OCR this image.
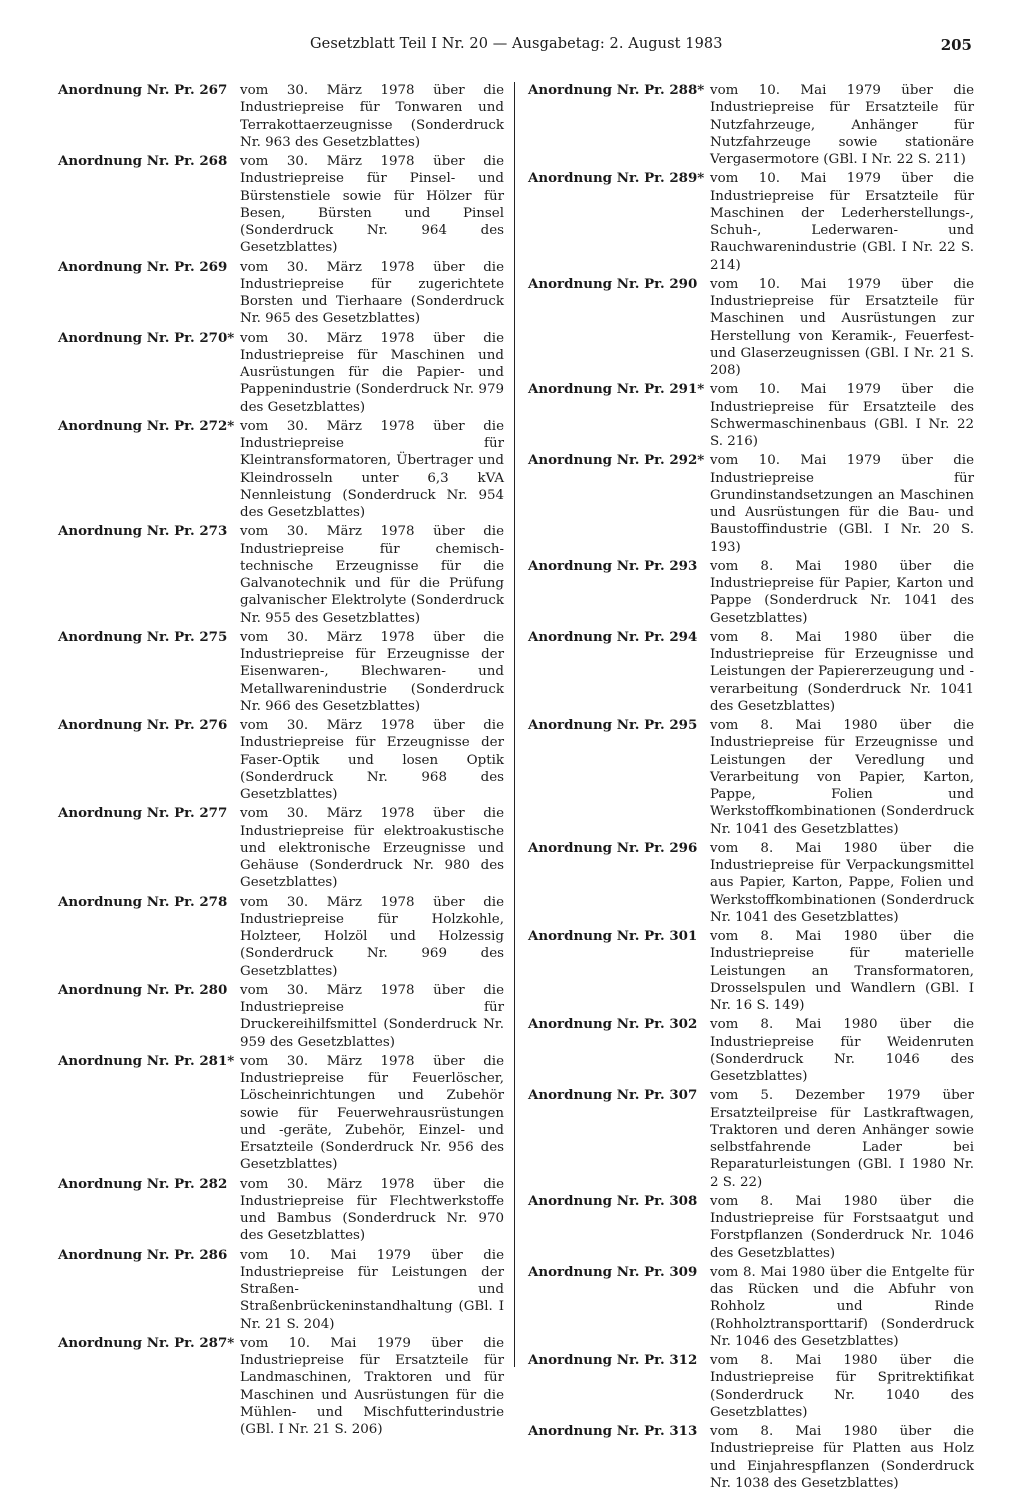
Gesetzblatt Teil I Nr. 20 — Ausgabetag: 2. August 1983	205
Anordnung Nr. Pr. 267 vom 30. März 1978 über die Industriepreise für Tonwaren und Terrakottaerzeugnisse (Sonderdruck Nr. 963 des Gesetzblattes)
Anordnung Nr. Pr. 268 vom 30. März 1978 über die Industriepreise für Pinsel- und Bürstenstiele sowie für Hölzer für Besen, Bürsten und Pinsel (Sonderdruck Nr. 964 des Gesetzblattes)
Anordnung Nr. Pr. 269 vom 30. März 1978 über die Industriepreise für zugerichtete Borsten und Tierhaare (Sonderdruck Nr. 965 des Gesetzblattes)
Anordnung Nr. Pr. 270* vom 30. März 1978 über die Industriepreise für Maschinen und Ausrüstungen für die Papier- und Pappenindustrie (Sonderdruck Nr. 979 des Gesetzblattes)
Anordnung Nr. Pr. 272* vom 30. März 1978 über die Industriepreise für Kleintransformatoren, Übertrager und Kleindrosseln unter 6,3 kVA Nennleistung (Sonderdruck Nr. 954 des Gesetzblattes)
Anordnung Nr. Pr. 273 vom 30. März 1978 über die Industriepreise für chemisch-technische Erzeugnisse für die Galvanotechnik und für die Prüfung galvanischer Elektrolyte (Sonderdruck Nr. 955 des Gesetzblattes)
Anordnung Nr. Pr. 275 vom 30. März 1978 über die Industriepreise für Erzeugnisse der Eisenwaren-, Blechwaren- und Metallwarenindustrie (Sonderdruck Nr. 966 des Gesetzblattes)
Anordnung Nr. Pr. 276 vom 30. März 1978 über die Industriepreise für Erzeugnisse der Faser-Optik und losen Optik (Sonderdruck Nr. 968 des Gesetzblattes)
Anordnung Nr. Pr. 277 vom 30. März 1978 über die Industriepreise für elektroakustische und elektronische Erzeugnisse und Gehäuse (Sonderdruck Nr. 980 des Gesetzblattes)
Anordnung Nr. Pr. 278 vom 30. März 1978 über die Industriepreise für Holzkohle, Holzteer, Holzöl und Holzessig (Sonderdruck Nr. 969 des Gesetzblattes)
Anordnung Nr. Pr. 280 vom 30. März 1978 über die Industriepreise für Druckereihilfsmittel (Sonderdruck Nr. 959 des Gesetzblattes)
Anordnung Nr. Pr. 281* vom 30. März 1978 über die Industriepreise für Feuerlöscher, Löscheinrichtungen und Zubehör sowie für Feuerwehrausrüstungen und -geräte, Zubehör, Einzel- und Ersatzteile (Sonderdruck Nr. 956 des Gesetzblattes)
Anordnung Nr. Pr. 282 vom 30. März 1978 über die Industriepreise für Flechtwerkstoffe und Bambus (Sonderdruck Nr. 970 des Gesetzblattes)
Anordnung Nr. Pr. 286 vom 10. Mai 1979 über die Industriepreise für Leistungen der Straßen- und Straßenbrückeninstandhaltung (GBl. I Nr. 21 S. 204)
Anordnung Nr. Pr. 287* vom 10. Mai 1979 über die Industriepreise für Ersatzteile für Landmaschinen, Traktoren und für Maschinen und Ausrüstungen für die Mühlen- und Mischfutterindustrie (GBl. I Nr. 21 S. 206)
Anordnung Nr. Pr. 288* vom 10. Mai 1979 über die Industriepreise für Ersatzteile für Nutzfahrzeuge, Anhänger für Nutzfahrzeuge sowie stationäre Vergasermotore (GBl. I Nr. 22 S. 211)
Anordnung Nr. Pr. 289* vom 10. Mai 1979 über die Industriepreise für Ersatzteile für Maschinen der Lederherstellungs-, Schuh-, Lederwaren- und Rauchwarenindustrie (GBl. I Nr. 22 S. 214)
Anordnung Nr. Pr. 290 vom 10. Mai 1979 über die Industriepreise für Ersatzteile für Maschinen und Ausrüstungen zur Herstellung von Keramik-, Feuerfest- und Glaserzeugnissen (GBl. I Nr. 21 S. 208)
Anordnung Nr. Pr. 291* vom 10. Mai 1979 über die Industriepreise für Ersatzteile des Schwermaschinenbaus (GBl. I Nr. 22 S. 216)
Anordnung Nr. Pr. 292* vom 10. Mai 1979 über die Industriepreise für Grundinstandsetzungen an Maschinen und Ausrüstungen für die Bau- und Baustoffindustrie (GBl. I Nr. 20 S. 193)
Anordnung Nr. Pr. 293 vom 8. Mai 1980 über die Industriepreise für Papier, Karton und Pappe (Sonderdruck Nr. 1041 des Gesetzblattes)
Anordnung Nr. Pr. 294 vom 8. Mai 1980 über die Industriepreise für Erzeugnisse und Leistungen der Papiererzeugung und -verarbeitung (Sonderdruck Nr. 1041 des Gesetzblattes)
Anordnung Nr. Pr. 295 vom 8. Mai 1980 über die Industriepreise für Erzeugnisse und Leistungen der Veredlung und Verarbeitung von Papier, Karton, Pappe, Folien und Werkstoffkombinationen (Sonderdruck Nr. 1041 des Gesetzblattes)
Anordnung Nr. Pr. 296 vom 8. Mai 1980 über die Industriepreise für Verpackungsmittel aus Papier, Karton, Pappe, Folien und Werkstoffkombinationen (Sonderdruck Nr. 1041 des Gesetzblattes)
Anordnung Nr. Pr. 301 vom 8. Mai 1980 über die Industriepreise für materielle Leistungen an Transformatoren, Drosselspulen und Wandlern (GBl. I Nr. 16 S. 149)
Anordnung Nr. Pr. 302 vom 8. Mai 1980 über die Industriepreise für Weidenruten (Sonderdruck Nr. 1046 des Gesetzblattes)
Anordnung Nr. Pr. 307 vom 5. Dezember 1979 über Ersatzteilpreise für Lastkraftwagen, Traktoren und deren Anhänger sowie selbstfahrende Lader bei Reparaturleistungen (GBl. I 1980 Nr. 2 S. 22)
Anordnung Nr. Pr. 308 vom 8. Mai 1980 über die Industriepreise für Forstsaatgut und Forstpflanzen (Sonderdruck Nr. 1046 des Gesetzblattes)
Anordnung Nr. Pr. 309 vom 8. Mai 1980 über die Entgelte für das Rücken und die Abfuhr von Rohholz und Rinde (Rohholztransporttarif) (Sonderdruck Nr. 1046 des Gesetzblattes)
Anordnung Nr. Pr. 312 vom 8. Mai 1980 über die Industriepreise für Spritrektifikat (Sonderdruck Nr. 1040 des Gesetzblattes)
Anordnung Nr. Pr. 313 vom 8. Mai 1980 über die Industriepreise für Platten aus Holz und Einjahrespflanzen (Sonderdruck Nr. 1038 des Gesetzblattes)
